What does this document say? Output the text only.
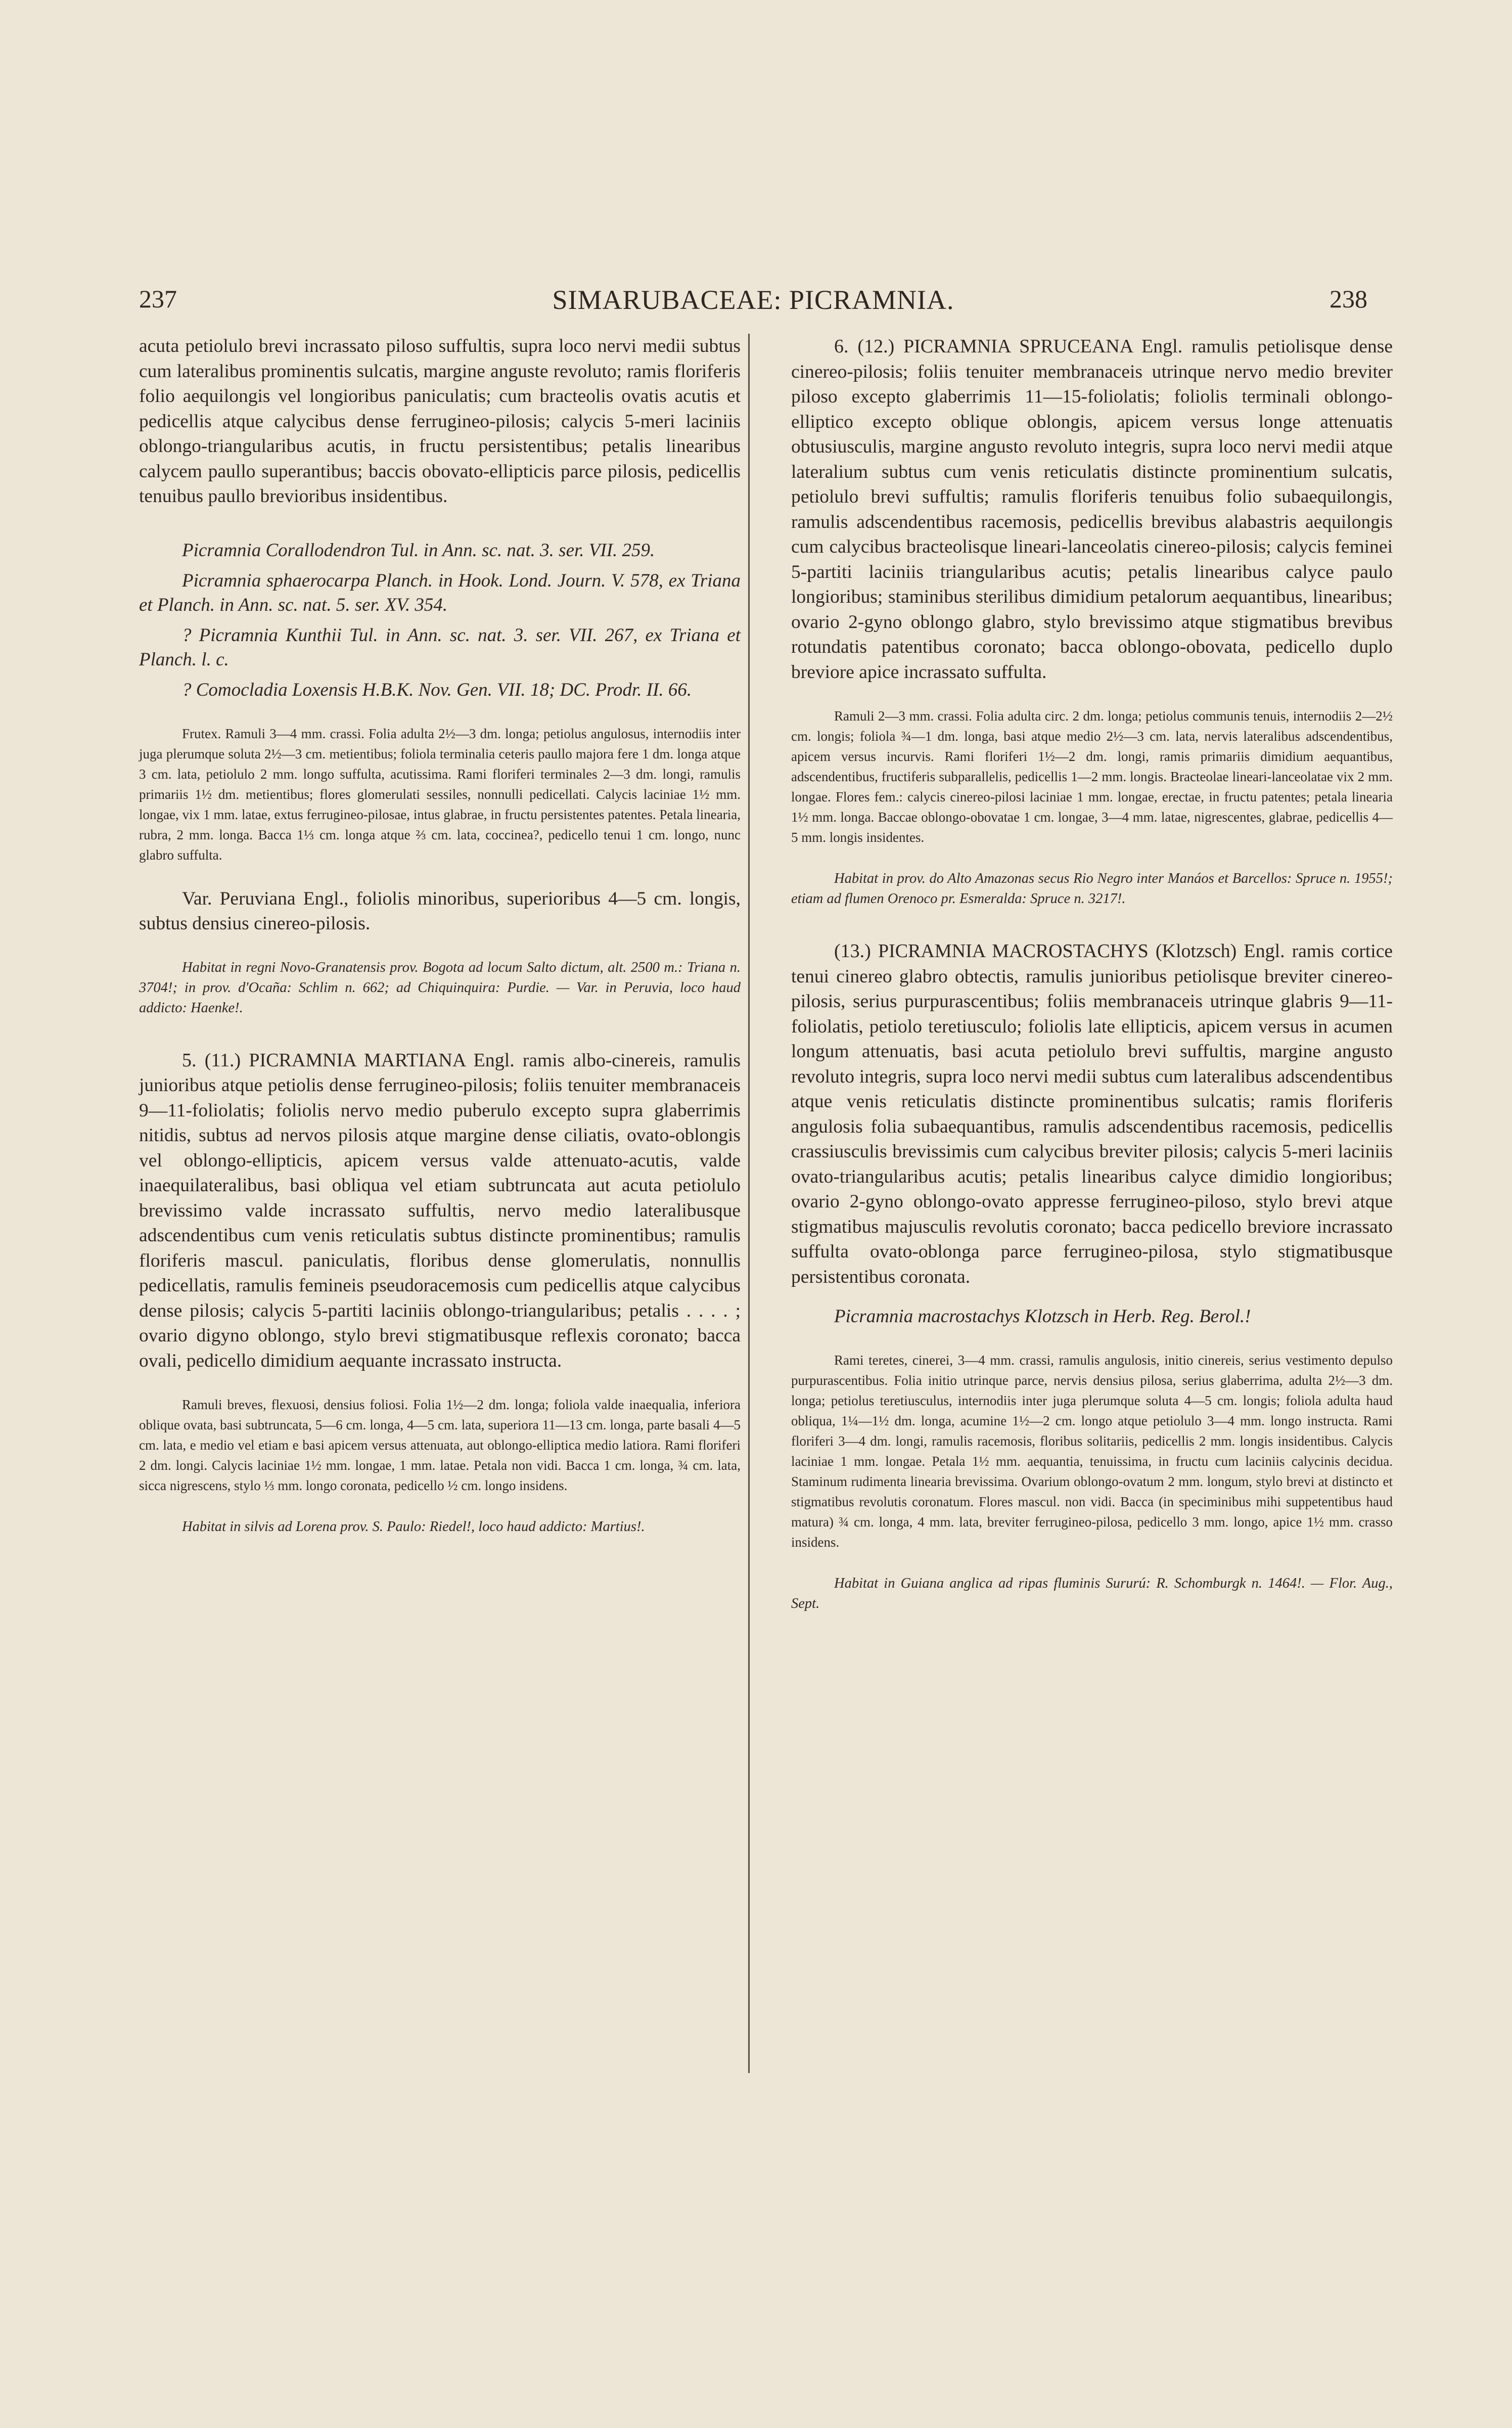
237	SIMARUBACEAE: PICRAMNIA.	238

acuta petiolulo brevi incrassato piloso suffultis, supra loco nervi medii subtus cum lateralibus prominentis sulcatis, margine anguste revoluto; ramis floriferis folio aequilongis vel longioribus paniculatis; cum bracteolis ovatis acutis et pedicellis atque calycibus dense ferrugineo-pilosis; calycis 5-meri laciniis oblongo-triangularibus acutis, in fructu persistentibus; petalis linearibus calycem paullo superantibus; baccis obovato-ellipticis parce pilosis, pedicellis tenuibus paullo brevioribus insidentibus.

Picramnia Corallodendron Tul. in Ann. sc. nat. 3. ser. VII. 259.

Picramnia sphaerocarpa Planch. in Hook. Lond. Journ. V. 578, ex Triana et Planch. in Ann. sc. nat. 5. ser. XV. 354.

? Picramnia Kunthii Tul. in Ann. sc. nat. 3. ser. VII. 267, ex Triana et Planch. l. c.

? Comocladia Loxensis H.B.K. Nov. Gen. VII. 18; DC. Prodr. II. 66.

Frutex. Ramuli 3—4 mm. crassi. Folia adulta 2½—3 dm. longa; petiolus angulosus, internodiis inter juga plerumque soluta 2½—3 cm. metientibus; foliola terminalia ceteris paullo majora fere 1 dm. longa atque 3 cm. lata, petiolulo 2 mm. longo suffulta, acutissima. Rami floriferi terminales 2—3 dm. longi, ramulis primariis 1½ dm. metientibus; flores glomerulati sessiles, nonnulli pedicellati. Calycis laciniae 1½ mm. longae, vix 1 mm. latae, extus ferrugineo-pilosae, intus glabrae, in fructu persistentes patentes. Petala linearia, rubra, 2 mm. longa. Bacca 1⅓ cm. longa atque ⅔ cm. lata, coccinea?, pedicello tenui 1 cm. longo, nunc glabro suffulta.

Var. Peruviana Engl., foliolis minoribus, superioribus 4—5 cm. longis, subtus densius cinereo-pilosis.

Habitat in regni Novo-Granatensis prov. Bogota ad locum Salto dictum, alt. 2500 m.: Triana n. 3704!; in prov. d'Ocaña: Schlim n. 662; ad Chiquinquira: Purdie. — Var. in Peruvia, loco haud addicto: Haenke!.

5. (11.) PICRAMNIA MARTIANA Engl. ramis albo-cinereis, ramulis junioribus atque petiolis dense ferrugineo-pilosis; foliis tenuiter membranaceis 9—11-foliolatis; foliolis nervo medio puberulo excepto supra glaberrimis nitidis, subtus ad nervos pilosis atque margine dense ciliatis, ovato-oblongis vel oblongo-ellipticis, apicem versus valde attenuato-acutis, valde inaequilateralibus, basi obliqua vel etiam subtruncata aut acuta petiolulo brevissimo valde incrassato suffultis, nervo medio lateralibusque adscendentibus cum venis reticulatis subtus distincte prominentibus; ramulis floriferis mascul. paniculatis, floribus dense glomerulatis, nonnullis pedicellatis, ramulis femineis pseudoracemosis cum pedicellis atque calycibus dense pilosis; calycis 5-partiti laciniis oblongo-triangularibus; petalis . . . . ; ovario digyno oblongo, stylo brevi stigmatibusque reflexis coronato; bacca ovali, pedicello dimidium aequante incrassato instructa.

Ramuli breves, flexuosi, densius foliosi. Folia 1½—2 dm. longa; foliola valde inaequalia, inferiora oblique ovata, basi subtruncata, 5—6 cm. longa, 4—5 cm. lata, superiora 11—13 cm. longa, parte basali 4—5 cm. lata, e medio vel etiam e basi apicem versus attenuata, aut oblongo-elliptica medio latiora. Rami floriferi 2 dm. longi. Calycis laciniae 1½ mm. longae, 1 mm. latae. Petala non vidi. Bacca 1 cm. longa, ¾ cm. lata, sicca nigrescens, stylo ⅓ mm. longo coronata, pedicello ½ cm. longo insidens.

Habitat in silvis ad Lorena prov. S. Paulo: Riedel!, loco haud addicto: Martius!.

6. (12.) PICRAMNIA SPRUCEANA Engl. ramulis petiolisque dense cinereo-pilosis; foliis tenuiter membranaceis utrinque nervo medio breviter piloso excepto glaberrimis 11—15-foliolatis; foliolis terminali oblongo-elliptico excepto oblique oblongis, apicem versus longe attenuatis obtusiusculis, margine angusto revoluto integris, supra loco nervi medii atque lateralium subtus cum venis reticulatis distincte prominentium sulcatis, petiolulo brevi suffultis; ramulis floriferis tenuibus folio subaequilongis, ramulis adscendentibus racemosis, pedicellis brevibus alabastris aequilongis cum calycibus bracteolisque lineari-lanceolatis cinereo-pilosis; calycis feminei 5-partiti laciniis triangularibus acutis; petalis linearibus calyce paulo longioribus; staminibus sterilibus dimidium petalorum aequantibus, linearibus; ovario 2-gyno oblongo glabro, stylo brevissimo atque stigmatibus brevibus rotundatis patentibus coronato; bacca oblongo-obovata, pedicello duplo breviore apice incrassato suffulta.

Ramuli 2—3 mm. crassi. Folia adulta circ. 2 dm. longa; petiolus communis tenuis, internodiis 2—2½ cm. longis; foliola ¾—1 dm. longa, basi atque medio 2½—3 cm. lata, nervis lateralibus adscendentibus, apicem versus incurvis. Rami floriferi 1½—2 dm. longi, ramis primariis dimidium aequantibus, adscendentibus, fructiferis subparallelis, pedicellis 1—2 mm. longis. Bracteolae lineari-lanceolatae vix 2 mm. longae. Flores fem.: calycis cinereo-pilosi laciniae 1 mm. longae, erectae, in fructu patentes; petala linearia 1½ mm. longa. Baccae oblongo-obovatae 1 cm. longae, 3—4 mm. latae, nigrescentes, glabrae, pedicellis 4—5 mm. longis insidentes.

Habitat in prov. do Alto Amazonas secus Rio Negro inter Manáos et Barcellos: Spruce n. 1955!; etiam ad flumen Orenoco pr. Esmeralda: Spruce n. 3217!.

(13.) PICRAMNIA MACROSTACHYS (Klotzsch) Engl. ramis cortice tenui cinereo glabro obtectis, ramulis junioribus petiolisque breviter cinereo-pilosis, serius purpurascentibus; foliis membranaceis utrinque glabris 9—11-foliolatis, petiolo teretiusculo; foliolis late ellipticis, apicem versus in acumen longum attenuatis, basi acuta petiolulo brevi suffultis, margine angusto revoluto integris, supra loco nervi medii subtus cum lateralibus adscendentibus atque venis reticulatis distincte prominentibus sulcatis; ramis floriferis angulosis folia subaequantibus, ramulis adscendentibus racemosis, pedicellis crassiusculis brevissimis cum calycibus breviter pilosis; calycis 5-meri laciniis ovato-triangularibus acutis; petalis linearibus calyce dimidio longioribus; ovario 2-gyno oblongo-ovato appresse ferrugineo-piloso, stylo brevi atque stigmatibus majusculis revolutis coronato; bacca pedicello breviore incrassato suffulta ovato-oblonga parce ferrugineo-pilosa, stylo stigmatibusque persistentibus coronata.

Picramnia macrostachys Klotzsch in Herb. Reg. Berol.!

Rami teretes, cinerei, 3—4 mm. crassi, ramulis angulosis, initio cinereis, serius vestimento depulso purpurascentibus. Folia initio utrinque parce, nervis densius pilosa, serius glaberrima, adulta 2½—3 dm. longa; petiolus teretiusculus, internodiis inter juga plerumque soluta 4—5 cm. longis; foliola adulta haud obliqua, 1¼—1½ dm. longa, acumine 1½—2 cm. longo atque petiolulo 3—4 mm. longo instructa. Rami floriferi 3—4 dm. longi, ramulis racemosis, floribus solitariis, pedicellis 2 mm. longis insidentibus. Calycis laciniae 1 mm. longae. Petala 1½ mm. aequantia, tenuissima, in fructu cum laciniis calycinis decidua. Staminum rudimenta linearia brevissima. Ovarium oblongo-ovatum 2 mm. longum, stylo brevi at distincto et stigmatibus revolutis coronatum. Flores mascul. non vidi. Bacca (in speciminibus mihi suppetentibus haud matura) ¾ cm. longa, 4 mm. lata, breviter ferrugineo-pilosa, pedicello 3 mm. longo, apice 1½ mm. crasso insidens.

Habitat in Guiana anglica ad ripas fluminis Sururú: R. Schomburgk n. 1464!. — Flor. Aug., Sept.
